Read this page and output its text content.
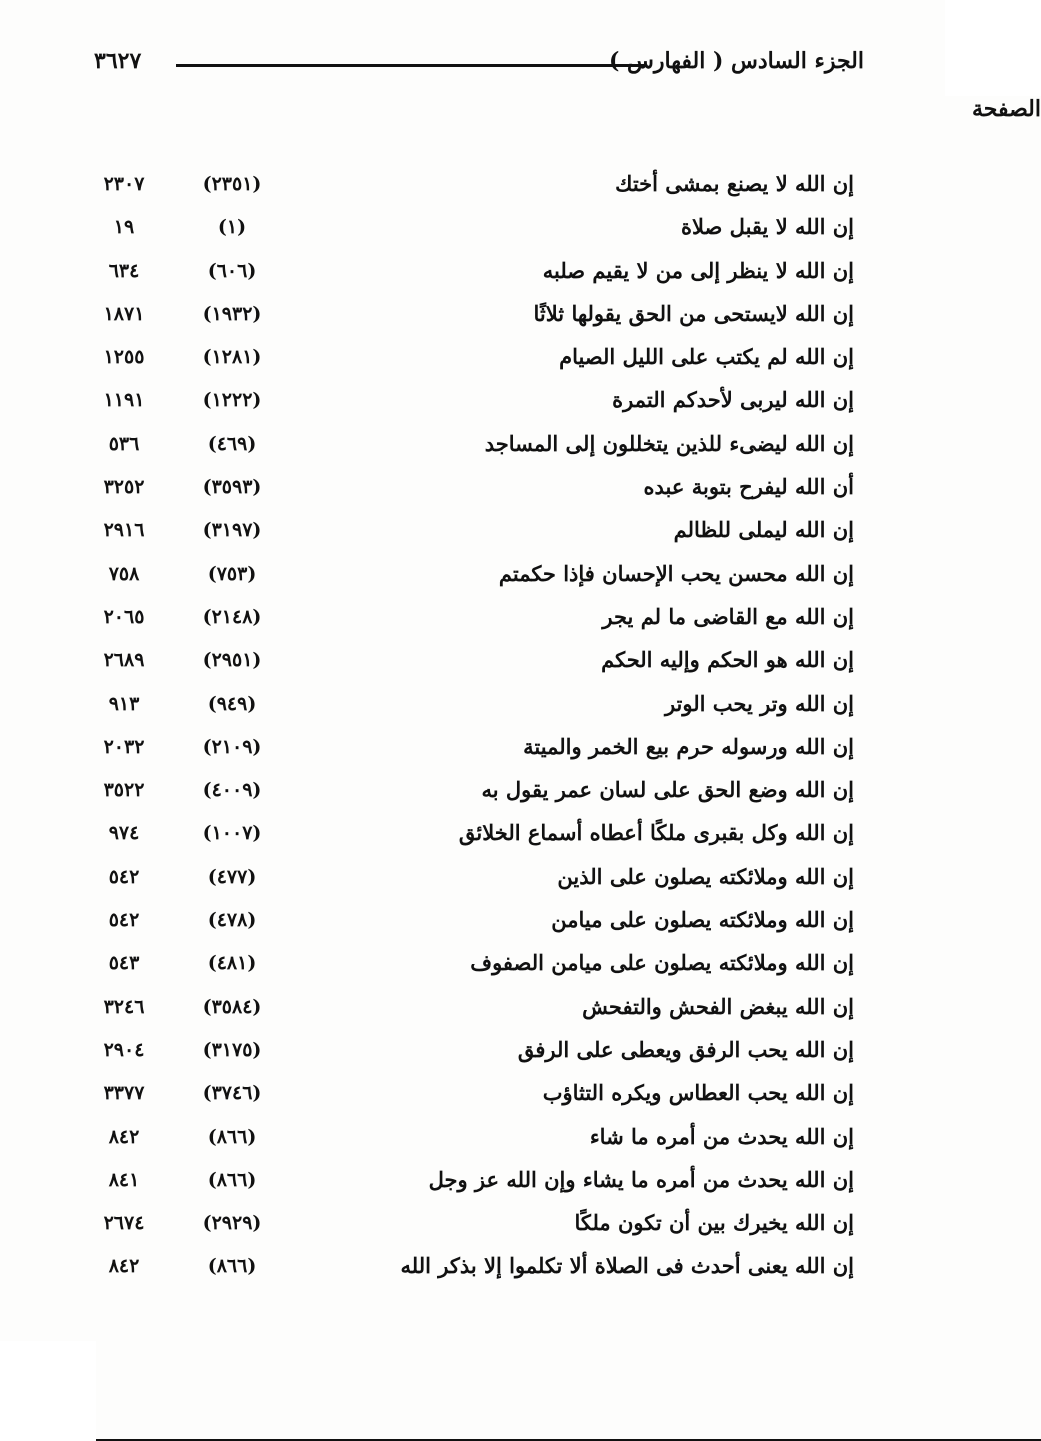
الجزء السادس ( الفهارس )
٣٦٢٧
الصفحة
إن الله لا يصنع بمشى أختك
(٢٣٥١)
٢٣٠٧
إن الله لا يقبل صلاة
(١)
١٩
إن الله لا ينظر إلى من لا يقيم صلبه
(٦٠٦)
٦٣٤
إن الله لايستحى من الحق يقولها ثلاثًا
(١٩٣٢)
١٨٧١
إن الله لم يكتب على الليل الصيام
(١٢٨١)
١٢٥٥
إن الله ليربى لأحدكم التمرة
(١٢٢٢)
١١٩١
إن الله ليضىء للذين يتخللون إلى المساجد
(٤٦٩)
٥٣٦
أن الله ليفرح بتوبة عبده
(٣٥٩٣)
٣٢٥٢
إن الله ليملى للظالم
(٣١٩٧)
٢٩١٦
إن الله محسن يحب الإحسان فإذا حكمتم
(٧٥٣)
٧٥٨
إن الله مع القاضى ما لم يجر
(٢١٤٨)
٢٠٦٥
إن الله هو الحكم وإليه الحكم
(٢٩٥١)
٢٦٨٩
إن الله وتر يحب الوتر
(٩٤٩)
٩١٣
إن الله ورسوله حرم بيع الخمر والميتة
(٢١٠٩)
٢٠٣٢
إن الله وضع الحق على لسان عمر يقول به
(٤٠٠٩)
٣٥٢٢
إن الله وكل بقبرى ملكًا أعطاه أسماع الخلائق
(١٠٠٧)
٩٧٤
إن الله وملائكته يصلون على الذين
(٤٧٧)
٥٤٢
إن الله وملائكته يصلون على ميامن
(٤٧٨)
٥٤٢
إن الله وملائكته يصلون على ميامن الصفوف
(٤٨١)
٥٤٣
إن الله يبغض الفحش والتفحش
(٣٥٨٤)
٣٢٤٦
إن الله يحب الرفق ويعطى على الرفق
(٣١٧٥)
٢٩٠٤
إن الله يحب العطاس ويكره التثاؤب
(٣٧٤٦)
٣٣٧٧
إن الله يحدث من أمره ما شاء
(٨٦٦)
٨٤٢
إن الله يحدث من أمره ما يشاء وإن الله عز وجل
(٨٦٦)
٨٤١
إن الله يخيرك بين أن تكون ملكًا
(٢٩٢٩)
٢٦٧٤
إن الله يعنى أحدث فى الصلاة ألا تكلموا إلا بذكر الله
(٨٦٦)
٨٤٢
